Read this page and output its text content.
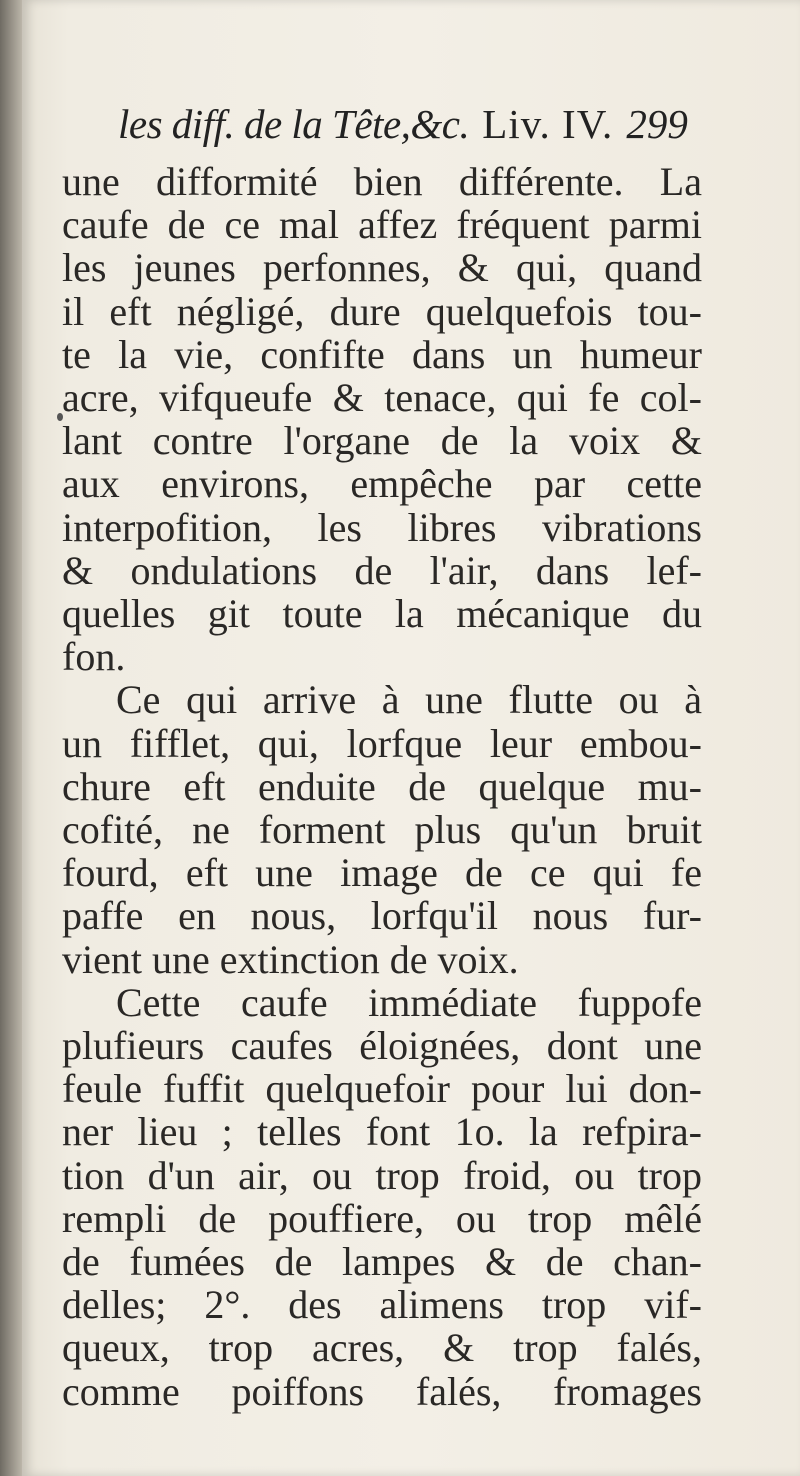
les diff. de la Tête,&c. Liv. IV. 299
une difformité bien différente. La
caufe de ce mal affez fréquent parmi
les jeunes perfonnes, & qui, quand
il eft négligé, dure quelquefois tou-
te la vie, confifte dans un humeur
acre, vifqueufe & tenace, qui fe col-
lant contre l'organe de la voix &
aux environs, empêche par cette
interpofition, les libres vibrations
& ondulations de l'air, dans lef-
quelles git toute la mécanique du
fon.
Ce qui arrive à une flutte ou à
un fifflet, qui, lorfque leur embou-
chure eft enduite de quelque mu-
cofité, ne forment plus qu'un bruit
fourd, eft une image de ce qui fe
paffe en nous, lorfqu'il nous fur-
vient une extinction de voix.
Cette caufe immédiate fuppofe
plufieurs caufes éloignées, dont une
feule fuffit quelquefoir pour lui don-
ner lieu ; telles font 1o. la refpira-
tion d'un air, ou trop froid, ou trop
rempli de pouffiere, ou trop mêlé
de fumées de lampes & de chan-
delles; 2°. des alimens trop vif-
queux, trop acres, & trop falés,
comme poiffons falés, fromages
